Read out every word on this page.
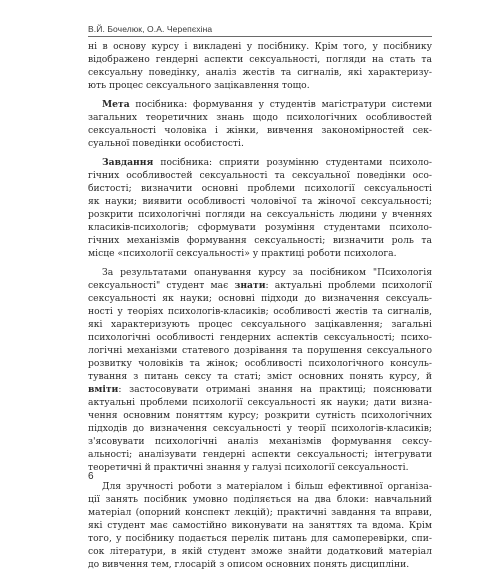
В.Й. Бочелюк, О.А. Черепєхіна
ні в основу курсу і викладені у посібнику. Крім того, у посібнику
відображено гендерні аспекти сексуальності, погляди на стать та
сексуальну поведінку, аналіз жестів та сигналів, які характеризу-
ють процес сексуального зацікавлення тощо.
Мета посібника: формування у студентів магістратури системи
загальних теоретичних знань щодо психологічних особливостей
сексуальності чоловіка і жінки, вивчення закономірностей сек-
суальної поведінки особистості.
Завдання посібника: сприяти розумінню студентами психоло-
гічних особливостей сексуальності та сексуальної поведінки осо-
бистості; визначити основні проблеми психології сексуальності
як науки; виявити особливості чоловічої та жіночої сексуальності;
розкрити психологічні погляди на сексуальність людини у вченнях
класиків-психологів; сформувати розуміння студентами психоло-
гічних механізмів формування сексуальності; визначити роль та
місце «психології сексуальності» у практиці роботи психолога.
За результатами опанування курсу за посібником "Психологія
сексуальності" студент має знати: актуальні проблеми психології
сексуальності як науки; основні підходи до визначення сексуаль-
ності у теоріях психологів-класиків; особливості жестів та сигналів,
які характеризують процес сексуального зацікавлення; загальні
психологічні особливості гендерних аспектів сексуальності; психо-
логічні механізми статевого дозрівання та порушення сексуального
розвитку чоловіків та жінок; особливості психологічного консуль-
тування з питань сексу та статі; зміст основних понять курсу, й
вміти: застосовувати отримані знання на практиці; пояснювати
актуальні проблеми психології сексуальності як науки; дати визна-
чення основним поняттям курсу; розкрити сутність психологічних
підходів до визначення сексуальності у теорії психологів-класиків;
з'ясовувати психологічні аналіз механізмів формування сексу-
альності; аналізувати гендерні аспекти сексуальності; інтегрувати
теоретичні й практичні знання у галузі психології сексуальності.
Для зручності роботи з матеріалом і більш ефективної організа-
ції занять посібник умовно поділяється на два блоки: навчальний
матеріал (опорний конспект лекцій); практичні завдання та вправи,
які студент має самостійно виконувати на заняттях та вдома. Крім
того, у посібнику подається перелік питань для самоперевірки, спи-
сок літератури, в якій студент зможе знайти додатковий матеріал
до вивчення тем, глосарій з описом основних понять дисципліни.
6
